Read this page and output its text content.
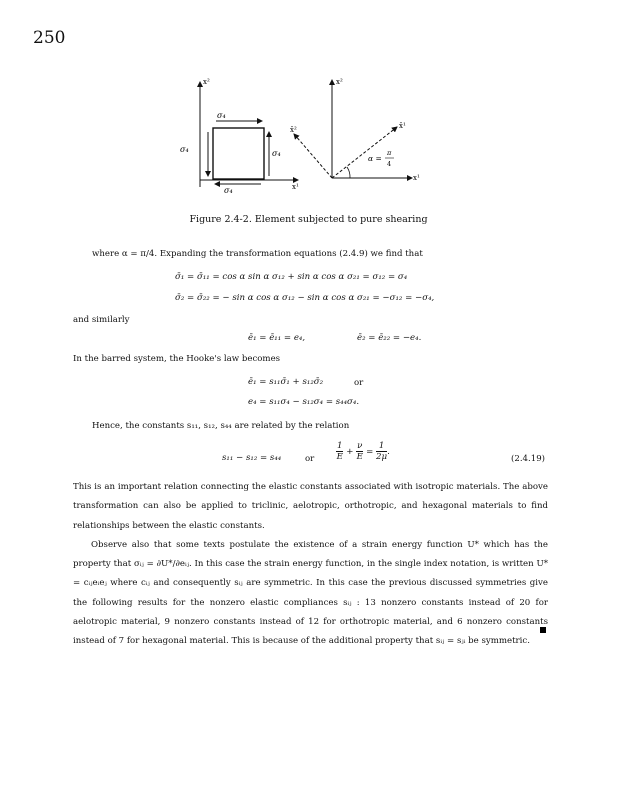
250
x²
σ₄
σ₄	σ₄
σ₄	x¹
x²
x̄²	x̄¹
α =
π
4
x¹
Figure 2.4-2. Element subjected to pure shearing
where α = π/4. Expanding the transformation equations (2.4.9) we find that
σ̄₁ = σ̄₁₁ = cos α sin α σ₁₂ + sin α cos α σ₂₁ = σ₁₂ = σ₄
σ̄₂ = σ̄₂₂ = − sin α cos α σ₁₂ − sin α cos α σ₂₁ = −σ₁₂ = −σ₄,
and similarly
ē₁ = ē₁₁ = e₄,	ē₂ = ē₂₂ = −e₄.
In the barred system, the Hooke's law becomes
ē₁ = s₁₁σ̄₁ + s₁₂σ̄₂	or
e₄ = s₁₁σ₄ − s₁₂σ₄ = s₄₄σ₄.
Hence, the constants s₁₁, s₁₂, s₄₄ are related by the relation
s₁₁ − s₁₂ = s₄₄	or	$\frac{1}{E} + \frac{\nu}{E} = \frac{1}{2\mu}$ .
(2.4.19)

This is an important relation connecting the elastic constants associated with isotropic materials. The above transformation can also be applied to triclinic, aelotropic, orthotropic, and hexagonal materials to find relationships between the elastic constants.

Observe also that some texts postulate the existence of a strain energy function U* which has the property that σᵢⱼ = ∂U*/∂eᵢⱼ. In this case the strain energy function, in the single index notation, is written U* = cᵢⱼeᵢeⱼ where cᵢⱼ and consequently sᵢⱼ are symmetric. In this case the previous discussed symmetries give the following results for the nonzero elastic compliances sᵢⱼ : 13 nonzero constants instead of 20 for aelotropic material, 9 nonzero constants instead of 12 for orthotropic material, and 6 nonzero constants instead of 7 for hexagonal material. This is because of the additional property that sᵢⱼ = sⱼᵢ be symmetric.
